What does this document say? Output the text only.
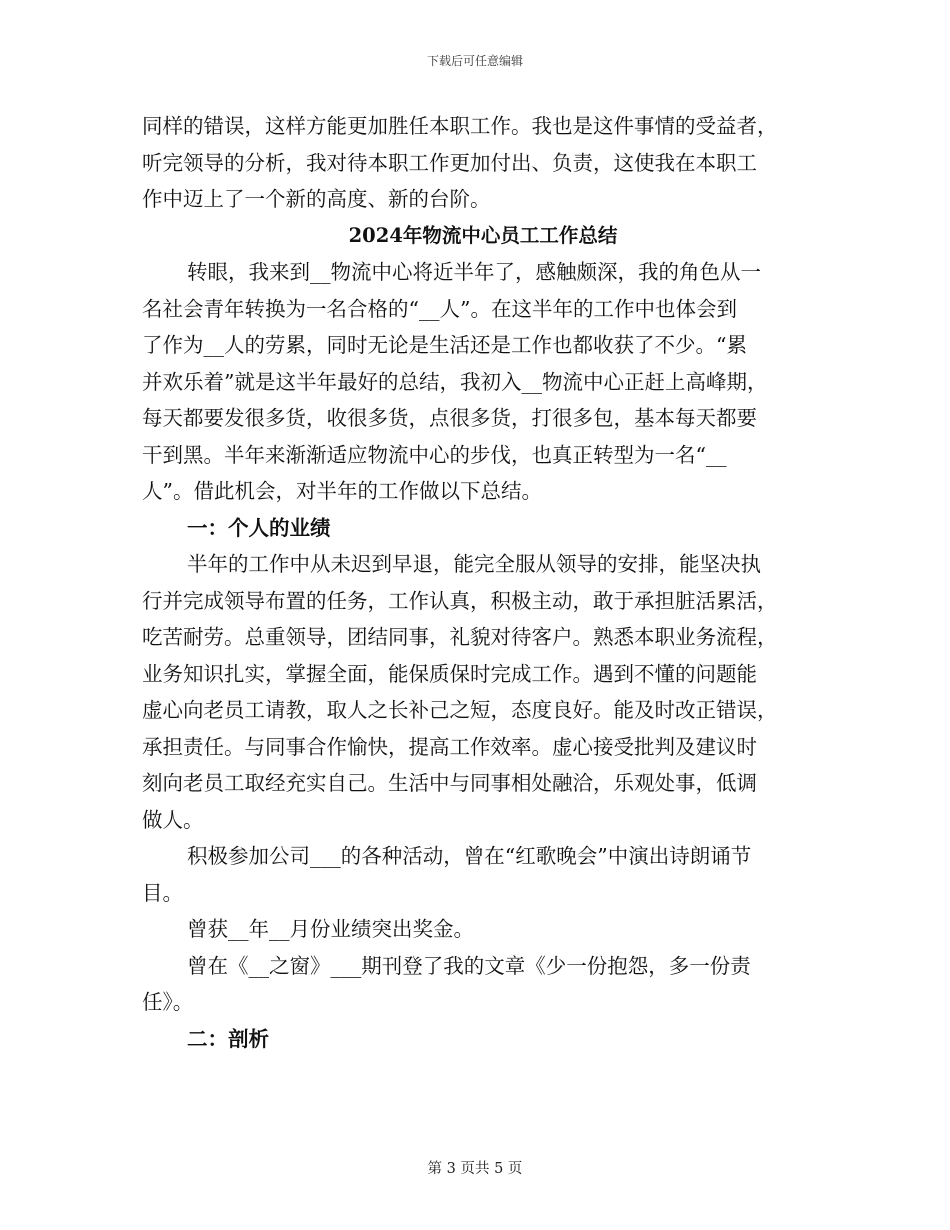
下载后可任意编辑
同样的错误，这样方能更加胜任本职工作。我也是这件事情的受益者，
听完领导的分析，我对待本职工作更加付出、负责，这使我在本职工
作中迈上了一个新的高度、新的台阶。
2024年物流中心员工工作总结
转眼，我来到__物流中心将近半年了，感触颇深，我的角色从一
名社会青年转换为一名合格的“__人”。在这半年的工作中也体会到
了作为__人的劳累，同时无论是生活还是工作也都收获了不少。“累
并欢乐着”就是这半年最好的总结，我初入__物流中心正赶上高峰期，
每天都要发很多货，收很多货，点很多货，打很多包，基本每天都要
干到黑。半年来渐渐适应物流中心的步伐，也真正转型为一名“__
人”。借此机会，对半年的工作做以下总结。
一：个人的业绩
半年的工作中从未迟到早退，能完全服从领导的安排，能坚决执
行并完成领导布置的任务，工作认真，积极主动，敢于承担脏活累活，
吃苦耐劳。总重领导，团结同事，礼貌对待客户。熟悉本职业务流程，
业务知识扎实，掌握全面，能保质保时完成工作。遇到不懂的问题能
虚心向老员工请教，取人之长补己之短，态度良好。能及时改正错误，
承担责任。与同事合作愉快，提高工作效率。虚心接受批判及建议时
刻向老员工取经充实自己。生活中与同事相处融洽，乐观处事，低调
做人。
积极参加公司___的各种活动，曾在“红歌晚会”中演出诗朗诵节
目。
曾获__年__月份业绩突出奖金。
曾在《__之窗》___期刊登了我的文章《少一份抱怨，多一份责
任》。
二：剖析
第 3 页共 5 页
